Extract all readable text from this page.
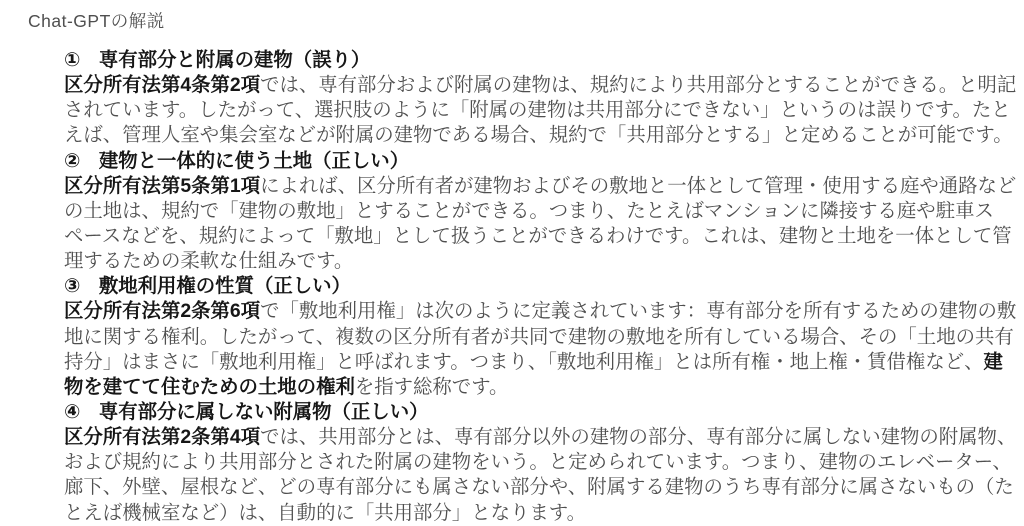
Chat-GPTの解説
① 専有部分と附属の建物（誤り）
区分所有法第4条第2項では、専有部分および附属の建物は、規約により共用部分とすることができる。と明記
されています。したがって、選択肢のように「附属の建物は共用部分にできない」というのは誤りです。たと
えば、管理人室や集会室などが附属の建物である場合、規約で「共用部分とする」と定めることが可能です。
② 建物と一体的に使う土地（正しい）
区分所有法第5条第1項によれば、区分所有者が建物およびその敷地と一体として管理・使用する庭や通路など
の土地は、規約で「建物の敷地」とすることができる。つまり、たとえばマンションに隣接する庭や駐車ス
ペースなどを、規約によって「敷地」として扱うことができるわけです。これは、建物と土地を一体として管
理するための柔軟な仕組みです。
③ 敷地利用権の性質（正しい）
区分所有法第2条第6項で「敷地利用権」は次のように定義されています：専有部分を所有するための建物の敷
地に関する権利。したがって、複数の区分所有者が共同で建物の敷地を所有している場合、その「土地の共有
持分」はまさに「敷地利用権」と呼ばれます。つまり、「敷地利用権」とは所有権・地上権・賃借権など、建
物を建てて住むための土地の権利を指す総称です。
④ 専有部分に属しない附属物（正しい）
区分所有法第2条第4項では、共用部分とは、専有部分以外の建物の部分、専有部分に属しない建物の附属物、
および規約により共用部分とされた附属の建物をいう。と定められています。つまり、建物のエレベーター、
廊下、外壁、屋根など、どの専有部分にも属さない部分や、附属する建物のうち専有部分に属さないもの（た
とえば機械室など）は、自動的に「共用部分」となります。
